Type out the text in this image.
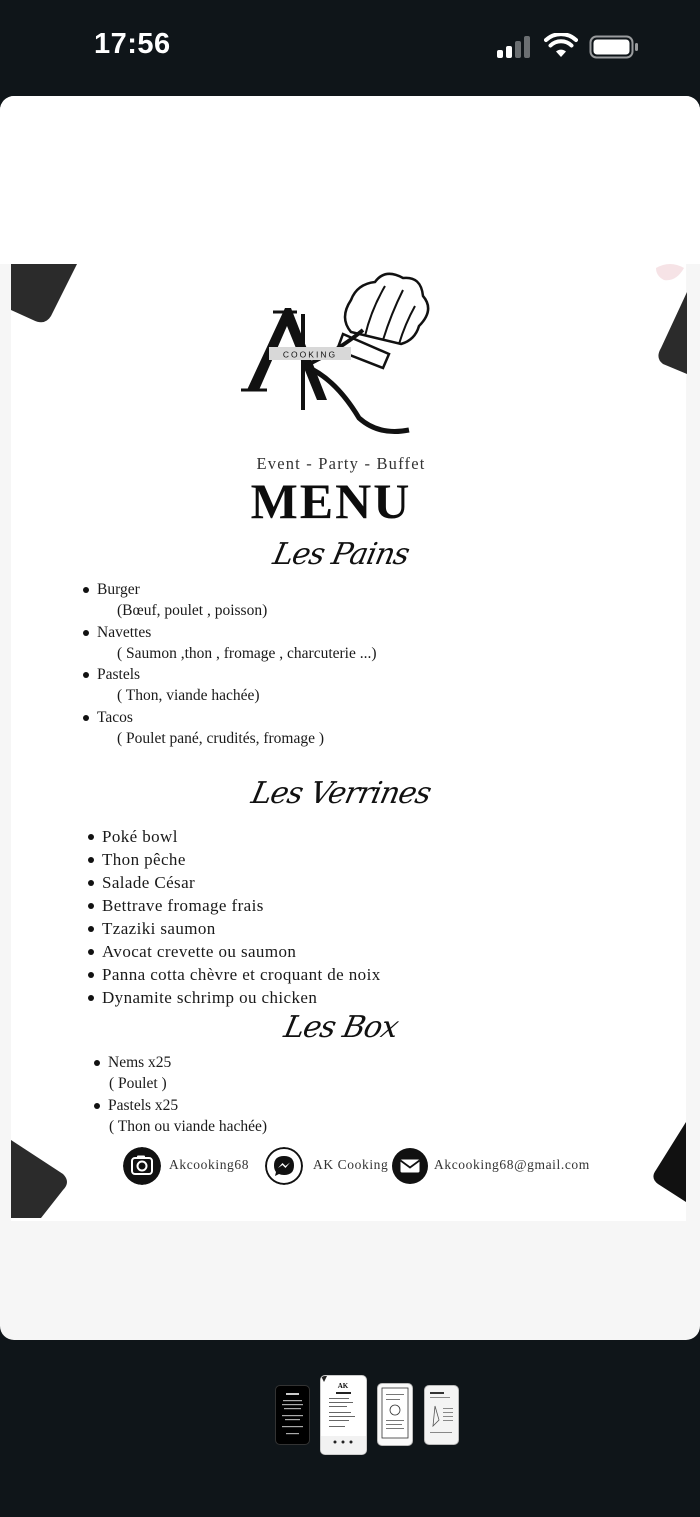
17:56
COOKING
Event - Party - Buffet
MENU
Les Pains
Burger
(Bœuf, poulet , poisson)
Navettes
( Saumon ,thon , fromage , charcuterie ...)
Pastels
( Thon, viande hachée)
Tacos
( Poulet pané, crudités, fromage )
Les Verrines
Poké bowl
Thon pêche
Salade César
Bettrave fromage frais
Tzaziki saumon
Avocat crevette ou saumon
Panna cotta chèvre et croquant de noix
Dynamite schrimp ou chicken
Les Box
Nems x25
( Poulet )
Pastels x25
( Thon ou viande hachée)
Akcooking68	AK Cooking	Akcooking68@gmail.com
AK
